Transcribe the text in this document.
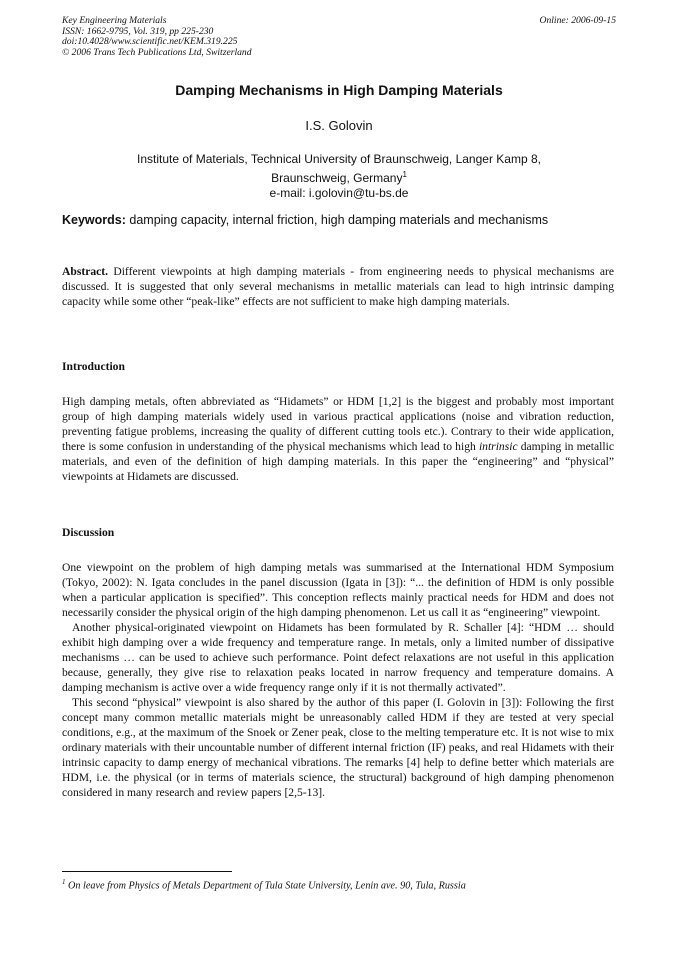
Key Engineering Materials
ISSN: 1662-9795, Vol. 319, pp 225-230
doi:10.4028/www.scientific.net/KEM.319.225
© 2006 Trans Tech Publications Ltd, Switzerland
Online: 2006-09-15
Damping Mechanisms in High Damping Materials
I.S. Golovin
Institute of Materials, Technical University of Braunschweig, Langer Kamp 8,
Braunschweig, Germany$^1$
e-mail: i.golovin@tu-bs.de
Keywords: damping capacity, internal friction, high damping materials and mechanisms
Abstract. Different viewpoints at high damping materials - from engineering needs to physical mechanisms are discussed. It is suggested that only several mechanisms in metallic materials can lead to high intrinsic damping capacity while some other “peak-like” effects are not sufficient to make high damping materials.
Introduction
High damping metals, often abbreviated as “Hidamets” or HDM [1,2] is the biggest and probably most important group of high damping materials widely used in various practical applications (noise and vibration reduction, preventing fatigue problems, increasing the quality of different cutting tools etc.). Contrary to their wide application, there is some confusion in understanding of the physical mechanisms which lead to high intrinsic damping in metallic materials, and even of the definition of high damping materials. In this paper the “engineering” and “physical” viewpoints at Hidamets are discussed.
Discussion

One viewpoint on the problem of high damping metals was summarised at the International HDM Symposium (Tokyo, 2002): N. Igata concludes in the panel discussion (Igata in [3]): “... the definition of HDM is only possible when a particular application is specified”. This conception reflects mainly practical needs for HDM and does not necessarily consider the physical origin of the high damping phenomenon. Let us call it as “engineering” viewpoint.

Another physical-originated viewpoint on Hidamets has been formulated by R. Schaller [4]: “HDM … should exhibit high damping over a wide frequency and temperature range. In metals, only a limited number of dissipative mechanisms … can be used to achieve such performance. Point defect relaxations are not useful in this application because, generally, they give rise to relaxation peaks located in narrow frequency and temperature domains. A damping mechanism is active over a wide frequency range only if it is not thermally activated”.

This second “physical” viewpoint is also shared by the author of this paper (I. Golovin in [3]): Following the first concept many common metallic materials might be unreasonably called HDM if they are tested at very special conditions, e.g., at the maximum of the Snoek or Zener peak, close to the melting temperature etc. It is not wise to mix ordinary materials with their uncountable number of different internal friction (IF) peaks, and real Hidamets with their intrinsic capacity to damp energy of mechanical vibrations. The remarks [4] help to define better which materials are HDM, i.e. the physical (or in terms of materials science, the structural) background of high damping phenomenon considered in many research and review papers [2,5-13].

$^1$ On leave from Physics of Metals Department of Tula State University, Lenin ave. 90, Tula, Russia
